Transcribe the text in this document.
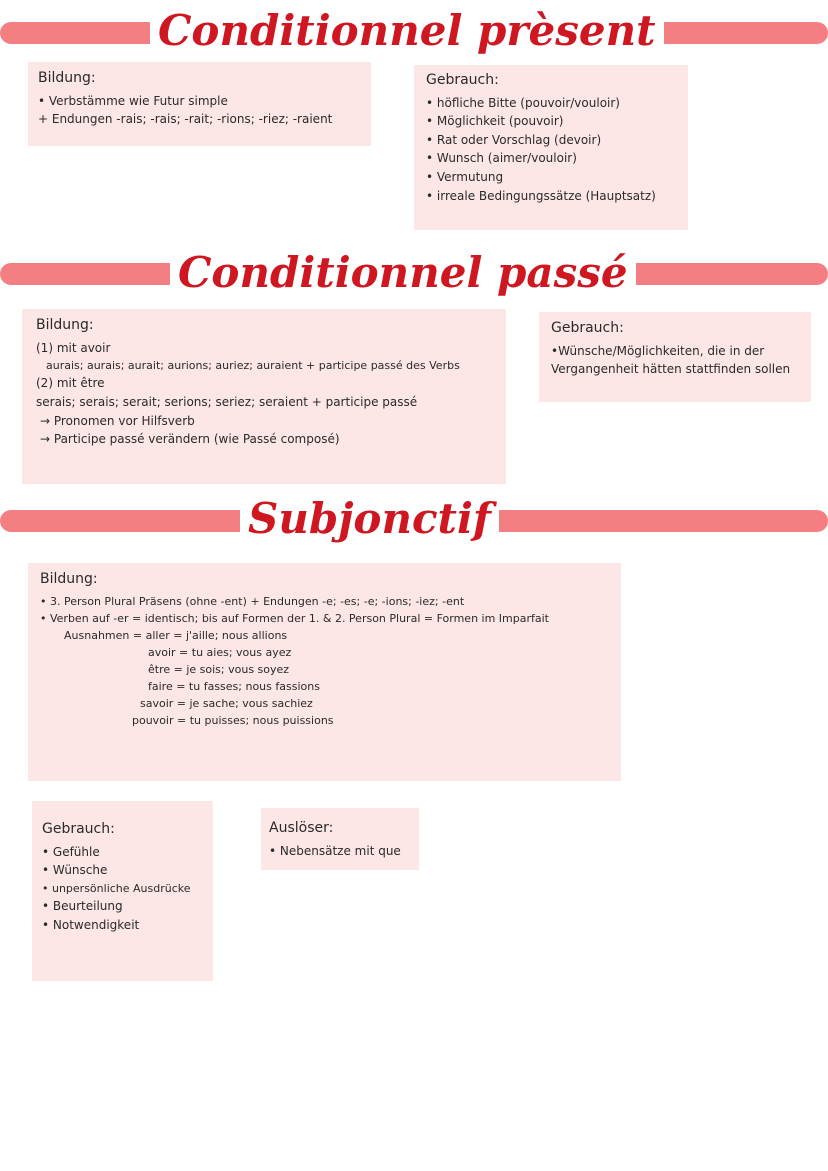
Conditionnel prèsent
Bildung:
• Verbstämme wie Futur simple
+ Endungen -rais; -rais; -rait; -rions; -riez; -raient
Gebrauch:
• höfliche Bitte (pouvoir/vouloir)
• Möglichkeit (pouvoir)
• Rat oder Vorschlag (devoir)
• Wunsch (aimer/vouloir)
• Vermutung
• irreale Bedingungssätze (Hauptsatz)
Conditionnel passé
Bildung:
(1) mit avoir
aurais; aurais; aurait; aurions; auriez; auraient + participe passé des Verbs
(2) mit être
serais; serais; serait; serions; seriez; seraient + participe passé
→ Pronomen vor Hilfsverb
→ Participe passé verändern (wie Passé composé)
Gebrauch:
•Wünsche/Möglichkeiten, die in der
Vergangenheit hätten stattfinden sollen
Subjonctif
Bildung:
• 3. Person Plural Präsens (ohne -ent) + Endungen -e; -es; -e; -ions; -iez; -ent
• Verben auf -er = identisch; bis auf Formen der 1. & 2. Person Plural = Formen im Imparfait
Ausnahmen = aller = j'aille; nous allions
avoir = tu aies; vous ayez
être = je sois; vous soyez
faire = tu fasses; nous fassions
savoir = je sache; vous sachiez
pouvoir = tu puisses; nous puissions
Gebrauch:
• Gefühle
• Wünsche
• unpersönliche Ausdrücke
• Beurteilung
• Notwendigkeit
Auslöser:
• Nebensätze mit que
